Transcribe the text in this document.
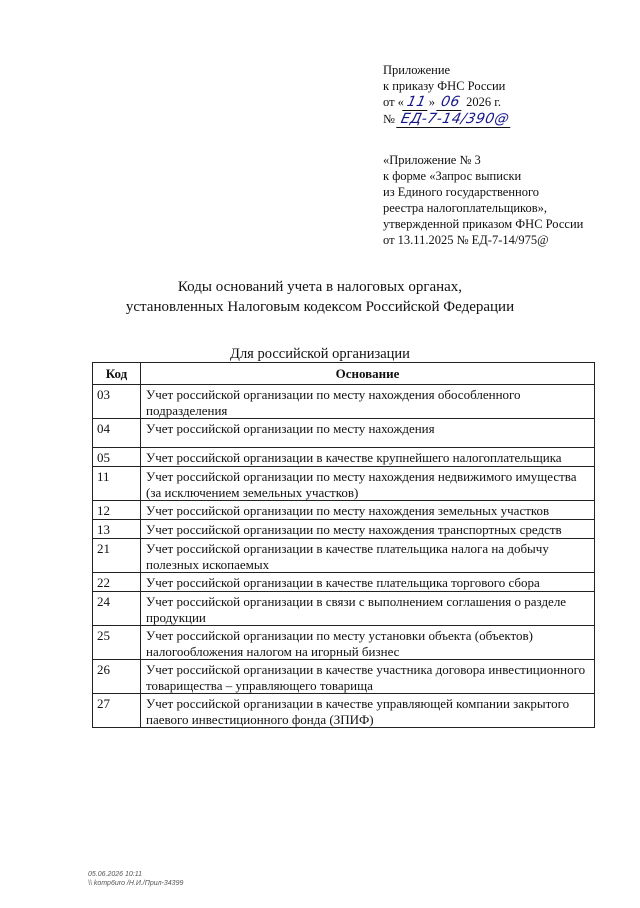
Приложение
к приказу ФНС России
от «11» 06 2026 г.
№ ЕД-7-14/390@
«Приложение № 3
к форме «Запрос выписки
из Единого государственного
реестра налогоплательщиков»,
утвержденной приказом ФНС России
от 13.11.2025 № ЕД-7-14/975@
Коды оснований учета в налоговых органах,
установленных Налоговым кодексом Российской Федерации
Для российской организации
Код	Основание
03	Учет российской организации по месту нахождения обособленного подразделения
04	Учет российской организации по месту нахождения
05	Учет российской организации в качестве крупнейшего налогоплательщика
11	Учет российской организации по месту нахождения недвижимого имущества (за исключением земельных участков)
12	Учет российской организации по месту нахождения земельных участков
13	Учет российской организации по месту нахождения транспортных средств
21	Учет российской организации в качестве плательщика налога на добычу полезных ископаемых
22	Учет российской организации в качестве плательщика торгового сбора
24	Учет российской организации в связи с выполнением соглашения о разделе продукции
25	Учет российской организации по месту установки объекта (объектов) налогообложения налогом на игорный бизнес
26	Учет российской организации в качестве участника договора инвестиционного товарищества – управляющего товарища
27	Учет российской организации в качестве управляющей компании закрытого паевого инвестиционного фонда (ЗПИФ)
05.06.2026 10:11
\\ komp6uro /Н.И./Прил-34399
